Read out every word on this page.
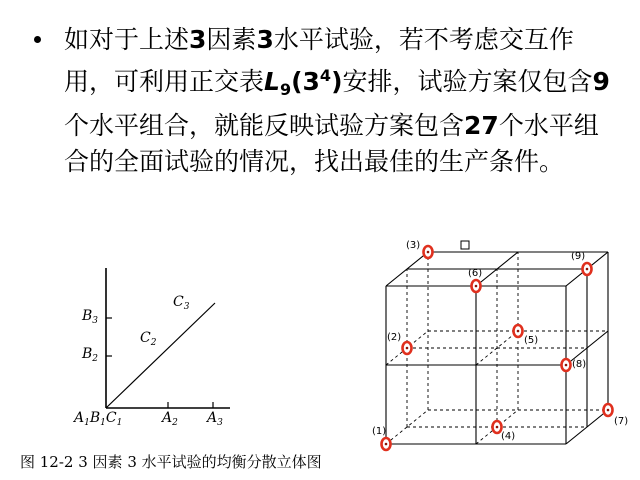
如对于上述3因素3水平试验，若不考虑交互作用，可利用正交表$L_9(3^4)$安排，试验方案仅包含9个水平组合，就能反映试验方案包含27个水平组合的全面试验的情况，找出最佳的生产条件。
$B_3$
$B_2$
$C_3$
$C_2$
$A_1B_1C_1$	$A_2$ $A_3$
(1)
(2)
(3)
(4)
(5)
(6)
(7)
(8)
(9)
图 12-2 3 因素 3 水平试验的均衡分散立体图
